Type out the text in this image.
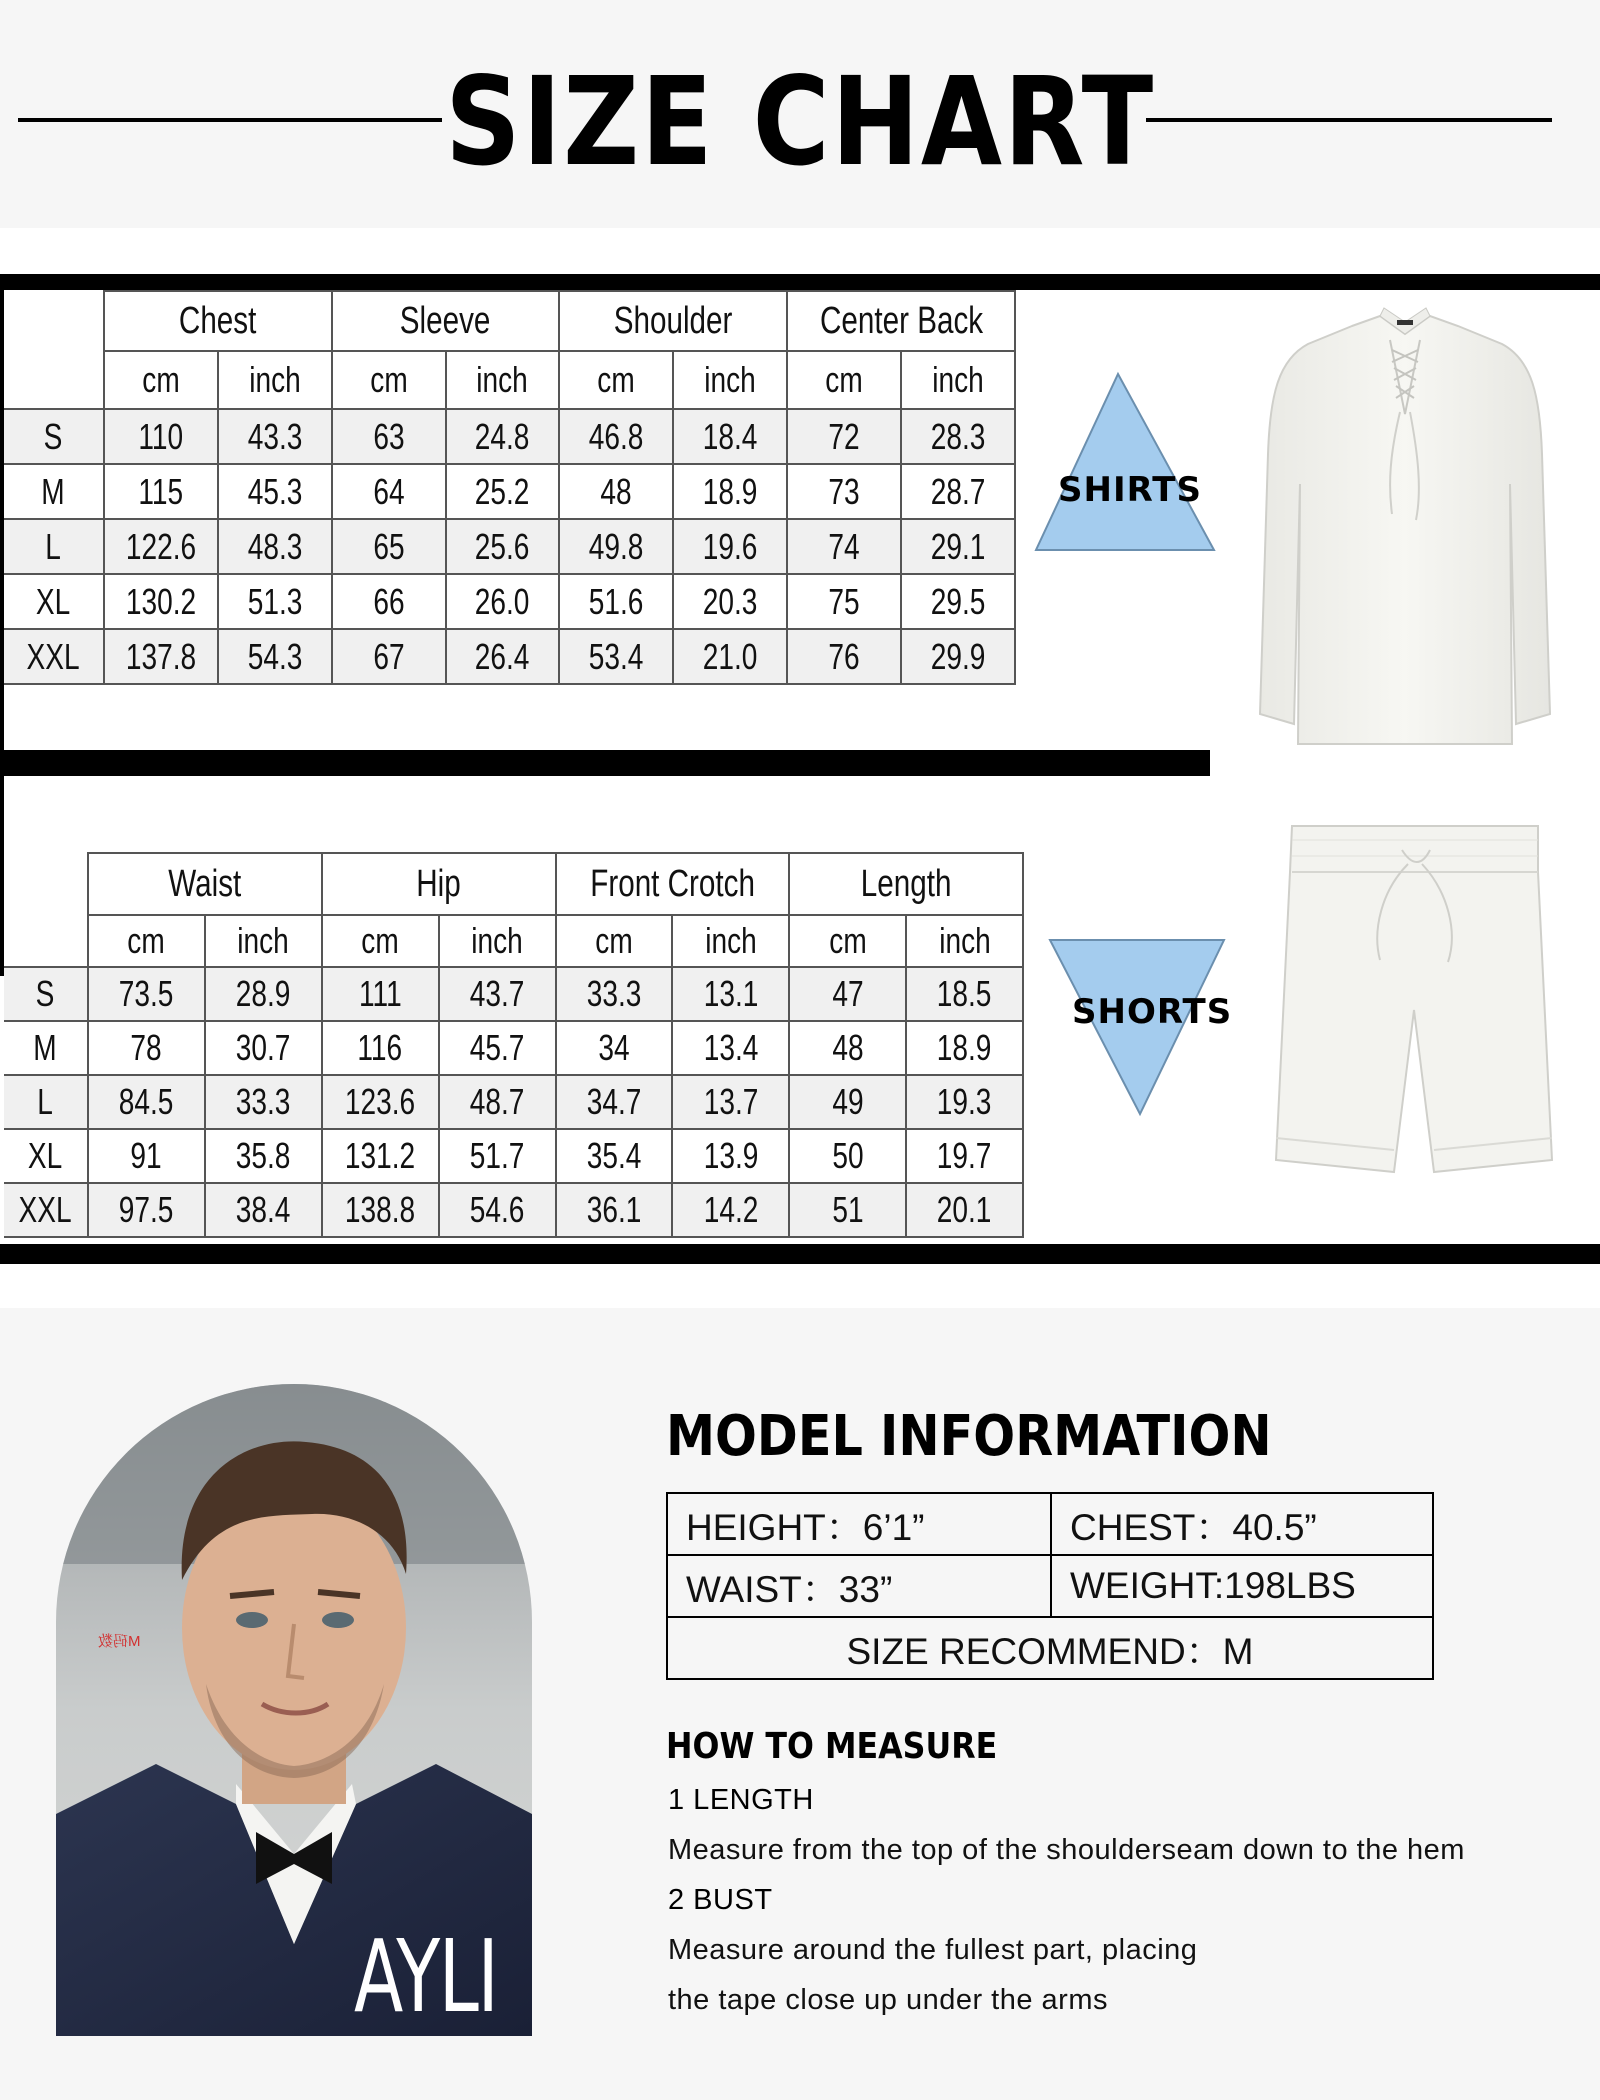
SIZE CHART
	Chest		Sleeve		Shoulder		Center Back	
	cm	inch	cm	inch	cm	inch	cm	inch
S	110	43.3	63	24.8	46.8	18.4	72	28.3
M	115	45.3	64	25.2	48	18.9	73	28.7
L	122.6	48.3	65	25.6	49.8	19.6	74	29.1
XL	130.2	51.3	66	26.0	51.6	20.3	75	29.5
XXL	137.8	54.3	67	26.4	53.4	21.0	76	29.9
SHIRTS
	Waist		Hip		Front Crotch		Length	
	cm	inch	cm	inch	cm	inch	cm	inch
S	73.5	28.9	111	43.7	33.3	13.1	47	18.5
M	78	30.7	116	45.7	34	13.4	48	18.9
L	84.5	33.3	123.6	48.7	34.7	13.7	49	19.3
XL	91	35.8	131.2	51.7	35.4	13.9	50	19.7
XXL	97.5	38.4	138.8	54.6	36.1	14.2	51	20.1
SHORTS
M码数
AYLI
MODEL INFORMATION
HEIGHT：6’1”	CHEST：40.5”
WAIST：33”	WEIGHT:198LBS
SIZE RECOMMEND：M	
HOW TO MEASURE
1 LENGTH
Measure from the top of the shoulderseam down to the hem
2 BUST
Measure around the fullest part, placing
the tape close up under the arms
